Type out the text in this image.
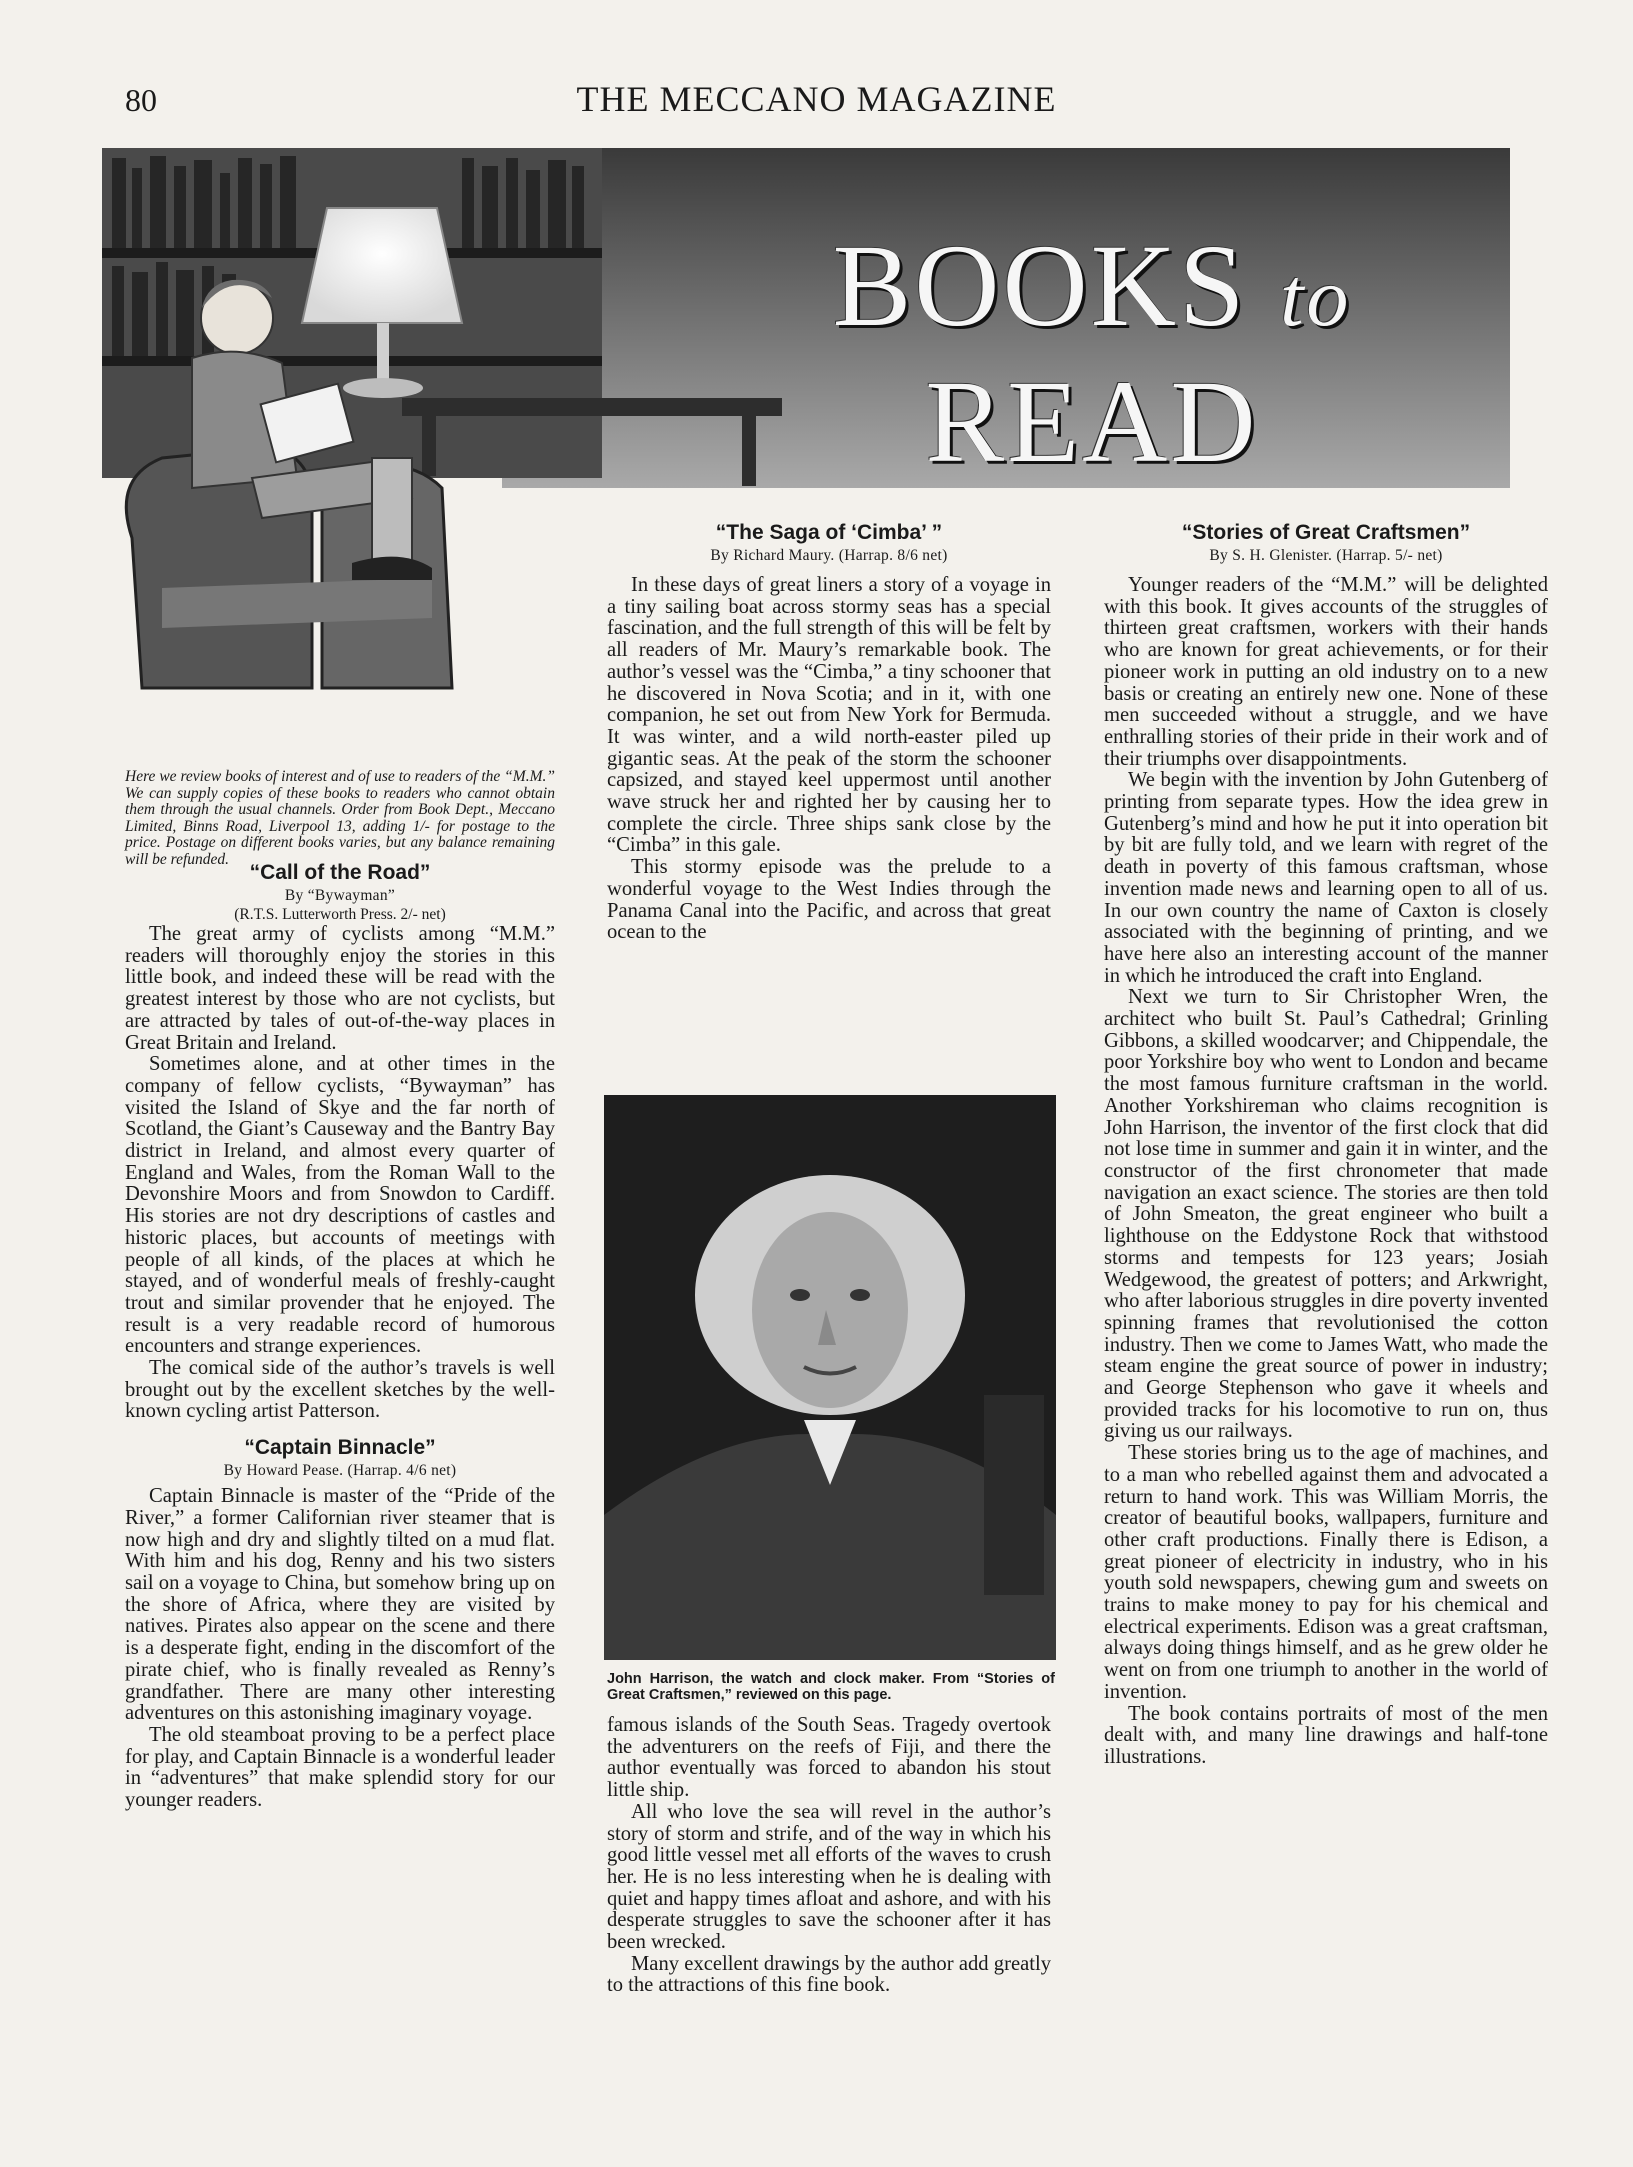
80	THE MECCANO MAGAZINE
BOOKS to READ
Here we review books of interest and of use to readers of the “M.M.” We can supply copies of these books to readers who cannot obtain them through the usual channels. Order from Book Dept., Meccano Limited, Binns Road, Liverpool 13, adding 1/- for postage to the price. Postage on different books varies, but any balance remaining will be refunded.
“Call of the Road”
By “Bywayman”
(R.T.S. Lutterworth Press. 2/- net)

The great army of cyclists among “M.M.” readers will thoroughly enjoy the stories in this little book, and indeed these will be read with the greatest interest by those who are not cyclists, but are attracted by tales of out-of-the-way places in Great Britain and Ireland.

Sometimes alone, and at other times in the company of fellow cyclists, “Bywayman” has visited the Island of Skye and the far north of Scotland, the Giant’s Causeway and the Bantry Bay district in Ireland, and almost every quarter of England and Wales, from the Roman Wall to the Devonshire Moors and from Snowdon to Cardiff. His stories are not dry descriptions of castles and historic places, but accounts of meetings with people of all kinds, of the places at which he stayed, and of wonderful meals of freshly-caught trout and similar provender that he enjoyed. The result is a very readable record of humorous encounters and strange experiences.

The comical side of the author’s travels is well brought out by the excellent sketches by the well-known cycling artist Patterson.

“Captain Binnacle”
By Howard Pease. (Harrap. 4/6 net)

Captain Binnacle is master of the “Pride of the River,” a former Californian river steamer that is now high and dry and slightly tilted on a mud flat. With him and his dog, Renny and his two sisters sail on a voyage to China, but somehow bring up on the shore of Africa, where they are visited by natives. Pirates also appear on the scene and there is a desperate fight, ending in the discomfort of the pirate chief, who is finally revealed as Renny’s grandfather. There are many other interesting adventures on this astonishing imaginary voyage.

The old steamboat proving to be a perfect place for play, and Captain Binnacle is a wonderful leader in “adventures” that make splendid story for our younger readers.

“The Saga of ‘Cimba’ ”
By Richard Maury. (Harrap. 8/6 net)

In these days of great liners a story of a voyage in a tiny sailing boat across stormy seas has a special fascination, and the full strength of this will be felt by all readers of Mr. Maury’s remarkable book. The author’s vessel was the “Cimba,” a tiny schooner that he discovered in Nova Scotia; and in it, with one companion, he set out from New York for Bermuda. It was winter, and a wild north-easter piled up gigantic seas. At the peak of the storm the schooner capsized, and stayed keel uppermost until another wave struck her and righted her by causing her to complete the circle. Three ships sank close by the “Cimba” in this gale.

This stormy episode was the prelude to a wonderful voyage to the West Indies through the Panama Canal into the Pacific, and across that great ocean to the

John Harrison, the watch and clock maker. From “Stories of Great Craftsmen,” reviewed on this page.

famous islands of the South Seas. Tragedy overtook the adventurers on the reefs of Fiji, and there the author eventually was forced to abandon his stout little ship.

All who love the sea will revel in the author’s story of storm and strife, and of the way in which his good little vessel met all efforts of the waves to crush her. He is no less interesting when he is dealing with quiet and happy times afloat and ashore, and with his desperate struggles to save the schooner after it has been wrecked.

Many excellent drawings by the author add greatly to the attractions of this fine book.

“Stories of Great Craftsmen”
By S. H. Glenister. (Harrap. 5/- net)

Younger readers of the “M.M.” will be delighted with this book. It gives accounts of the struggles of thirteen great craftsmen, workers with their hands who are known for great achievements, or for their pioneer work in putting an old industry on to a new basis or creating an entirely new one. None of these men succeeded without a struggle, and we have enthralling stories of their pride in their work and of their triumphs over disappointments.

We begin with the invention by John Gutenberg of printing from separate types. How the idea grew in Gutenberg’s mind and how he put it into operation bit by bit are fully told, and we learn with regret of the death in poverty of this famous craftsman, whose invention made news and learning open to all of us. In our own country the name of Caxton is closely associated with the beginning of printing, and we have here also an interesting account of the manner in which he introduced the craft into England.

Next we turn to Sir Christopher Wren, the architect who built St. Paul’s Cathedral; Grinling Gibbons, a skilled woodcarver; and Chippendale, the poor Yorkshire boy who went to London and became the most famous furniture craftsman in the world. Another Yorkshireman who claims recognition is John Harrison, the inventor of the first clock that did not lose time in summer and gain it in winter, and the constructor of the first chronometer that made navigation an exact science. The stories are then told of John Smeaton, the great engineer who built a lighthouse on the Eddystone Rock that withstood storms and tempests for 123 years; Josiah Wedgewood, the greatest of potters; and Arkwright, who after laborious struggles in dire poverty invented spinning frames that revolutionised the cotton industry. Then we come to James Watt, who made the steam engine the great source of power in industry; and George Stephenson who gave it wheels and provided tracks for his locomotive to run on, thus giving us our railways.

These stories bring us to the age of machines, and to a man who rebelled against them and advocated a return to hand work. This was William Morris, the creator of beautiful books, wallpapers, furniture and other craft productions. Finally there is Edison, a great pioneer of electricity in industry, who in his youth sold newspapers, chewing gum and sweets on trains to make money to pay for his chemical and electrical experiments. Edison was a great craftsman, always doing things himself, and as he grew older he went on from one triumph to another in the world of invention.

The book contains portraits of most of the men dealt with, and many line drawings and half-tone illustrations.
